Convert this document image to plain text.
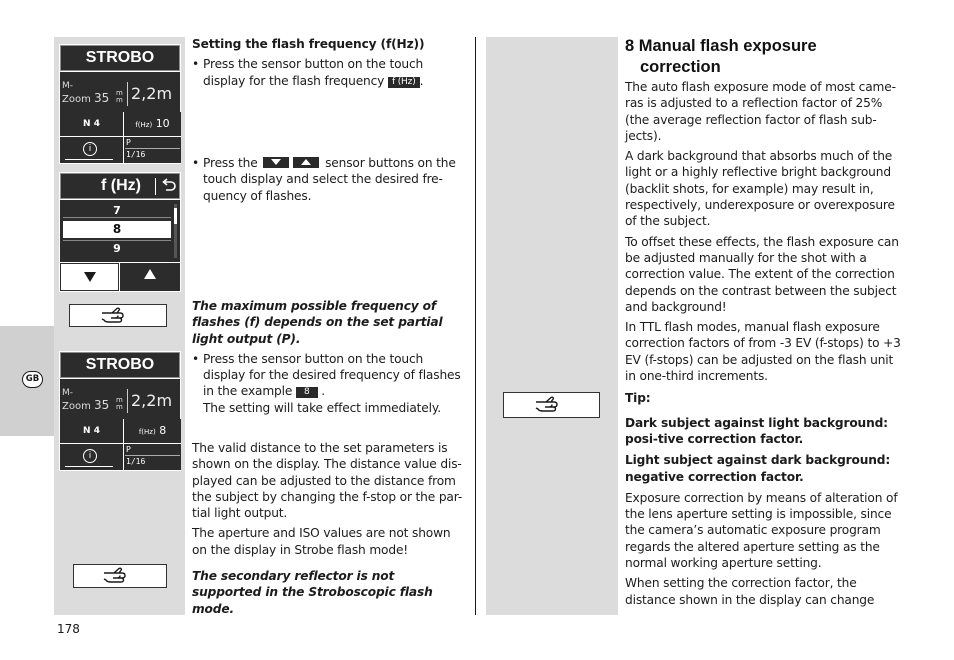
GB
STROBO
M-
Zoom 35 m
m 2,2m
N 4	f(Hz) 10
i
P
1/16
f (Hz)
7
8
9
STROBO
M-
Zoom 35 m
m 2,2m
N 4	f(Hz) 8
i
P
1/16
Setting the flash frequency (f(Hz))
• Press the sensor button on the touch display for the flash frequency f (Hz) .
• Press the	sensor buttons on the touch display and select the desired fre-quency of flashes.
The maximum possible frequency of flashes (f) depends on the set partial light output (P).
• Press the sensor button on the touch display for the desired frequency of flashes in the example 8 .
The setting will take effect immediately.

The valid distance to the set parameters is shown on the display. The distance value dis-played can be adjusted to the distance from the subject by changing the f-stop or the par-tial light output.

The aperture and ISO values are not shown on the display in Strobe flash mode!

The secondary reflector is not supported in the Stroboscopic flash mode.
8 Manual flash exposure correction

The auto flash exposure mode of most came-ras is adjusted to a reflection factor of 25% (the average reflection factor of flash sub-jects).

A dark background that absorbs much of the light or a highly reflective bright background (backlit shots, for example) may result in, respectively, underexposure or overexposure of the subject.

To offset these effects, the flash exposure can be adjusted manually for the shot with a correction value. The extent of the correction depends on the contrast between the subject and background!

In TTL flash modes, manual flash exposure correction factors of from -3 EV (f-stops) to +3 EV (f-stops) can be adjusted on the flash unit in one-third increments.

Tip:

Dark subject against light background: posi-tive correction factor.

Light subject against dark background: negative correction factor.

Exposure correction by means of alteration of the lens aperture setting is impossible, since the camera’s automatic exposure program regards the altered aperture setting as the normal working aperture setting.

When setting the correction factor, the distance shown in the display can change

178
